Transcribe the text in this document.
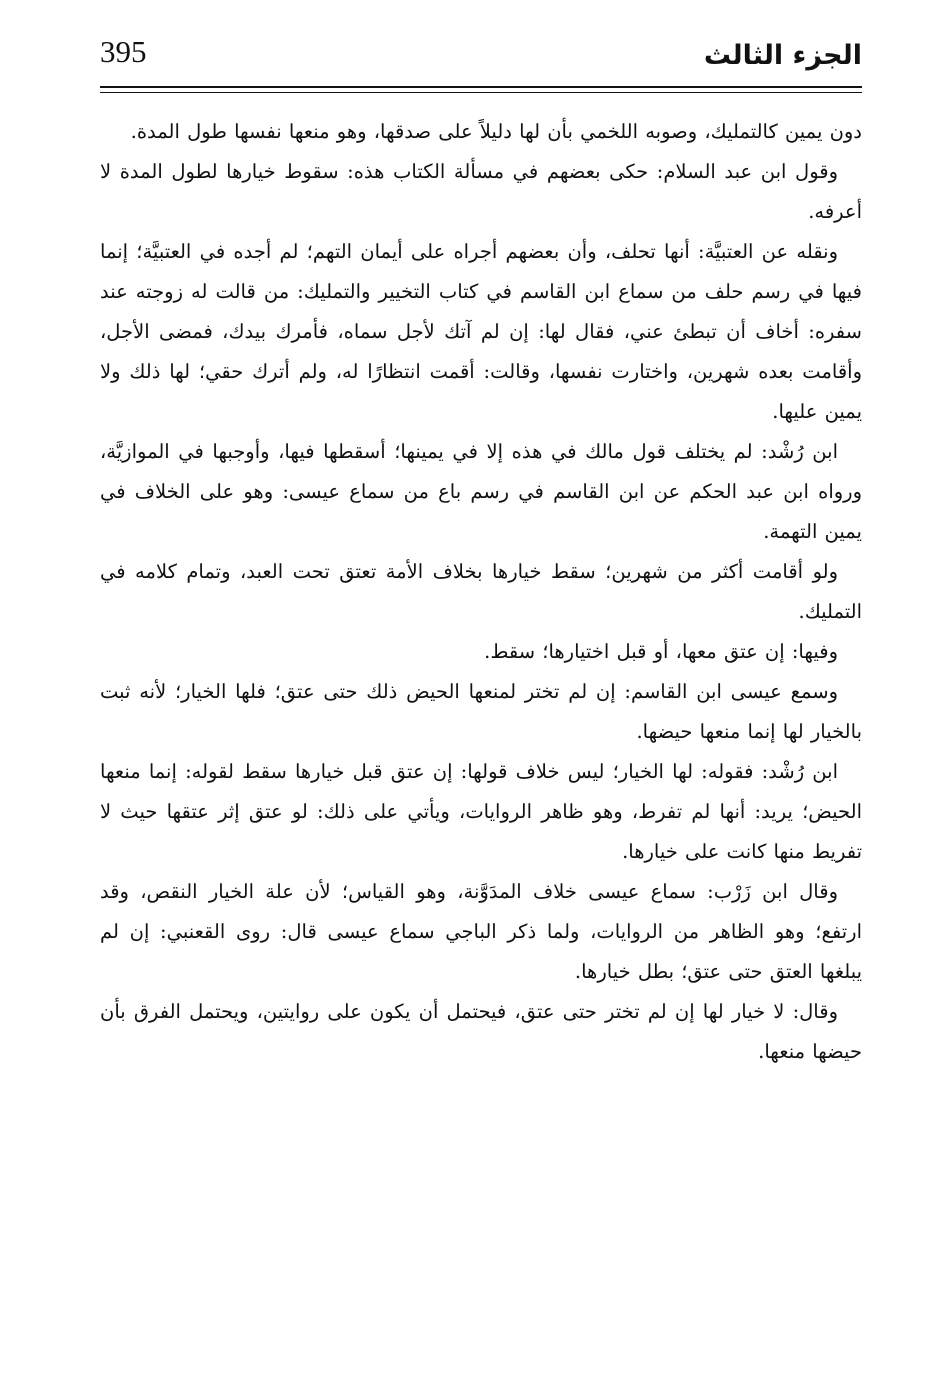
395	الجزء الثالث

دون يمين كالتمليك، وصوبه اللخمي بأن لها دليلاً على صدقها، وهو منعها نفسها طول المدة.

وقول ابن عبد السلام: حكى بعضهم في مسألة الكتاب هذه: سقوط خيارها لطول المدة لا أعرفه.

ونقله عن العتبيَّة: أنها تحلف، وأن بعضهم أجراه على أيمان التهم؛ لم أجده في العتبيَّة؛ إنما فيها في رسم حلف من سماع ابن القاسم في كتاب التخيير والتمليك: من قالت له زوجته عند سفره: أخاف أن تبطئ عني، فقال لها: إن لم آتك لأجل سماه، فأمرك بيدك، فمضى الأجل، وأقامت بعده شهرين، واختارت نفسها، وقالت: أقمت انتظارًا له، ولم أترك حقي؛ لها ذلك ولا يمين عليها.

ابن رُشْد: لم يختلف قول مالك في هذه إلا في يمينها؛ أسقطها فيها، وأوجبها في الموازيَّة، ورواه ابن عبد الحكم عن ابن القاسم في رسم باع من سماع عيسى: وهو على الخلاف في يمين التهمة.

ولو أقامت أكثر من شهرين؛ سقط خيارها بخلاف الأمة تعتق تحت العبد، وتمام كلامه في التمليك.

وفيها: إن عتق معها، أو قبل اختيارها؛ سقط.

وسمع عيسى ابن القاسم: إن لم تختر لمنعها الحيض ذلك حتى عتق؛ فلها الخيار؛ لأنه ثبت بالخيار لها إنما منعها حيضها.

ابن رُشْد: فقوله: لها الخيار؛ ليس خلاف قولها: إن عتق قبل خيارها سقط لقوله: إنما منعها الحيض؛ يريد: أنها لم تفرط، وهو ظاهر الروايات، ويأتي على ذلك: لو عتق إثر عتقها حيث لا تفريط منها كانت على خيارها.

وقال ابن زَرْب: سماع عيسى خلاف المدَوَّنة، وهو القياس؛ لأن علة الخيار النقص، وقد ارتفع؛ وهو الظاهر من الروايات، ولما ذكر الباجي سماع عيسى قال: روى القعنبي: إن لم يبلغها العتق حتى عتق؛ بطل خيارها.

وقال: لا خيار لها إن لم تختر حتى عتق، فيحتمل أن يكون على روايتين، ويحتمل الفرق بأن حيضها منعها.
